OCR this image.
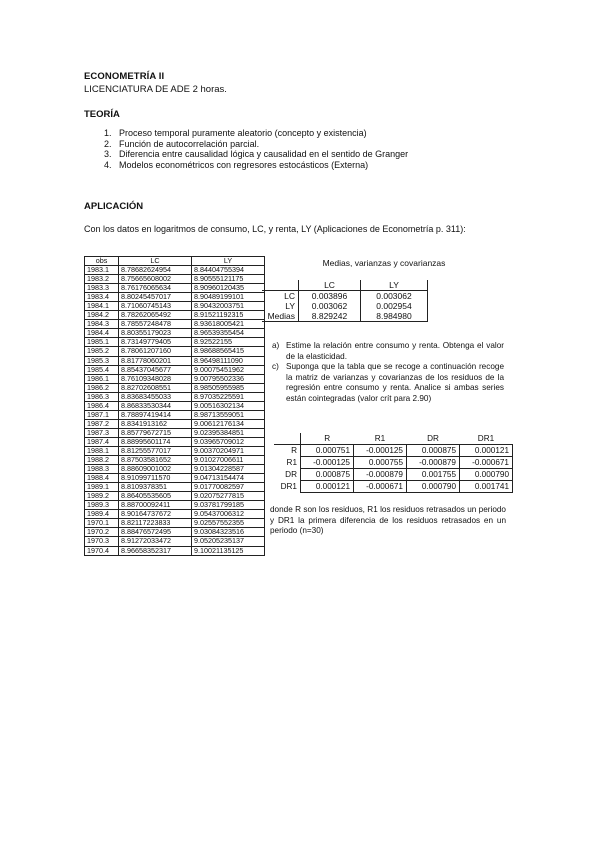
ECONOMETRÍA II
LICENCIATURA DE ADE 2 horas.
TEORÍA
1. Proceso temporal puramente aleatorio (concepto y existencia)
2. Función de autocorrelación parcial.
3. Diferencia entre causalidad lógica y causalidad en el sentido de Granger
4. Modelos econométricos con regresores estocásticos (Externa)
APLICACIÓN
Con los datos en logaritmos de consumo, LC, y renta, LY (Aplicaciones de Econometría p. 311):
obs	LC	LY
1983.1	8.78682624954	8.84404755394
1983.2	8.75665608002	8.90555121175
1983.3	8.76176065634	8.90960120435
1983.4	8.80245457017	8.90489199101
1984.1	8.71060745143	8.90432003751
1984.2	8.78262065492	8.91521192315
1984.3	8.78557248478	8.93618005421
1984.4	8.80355179023	8.96539355454
1985.1	8.73149779405	8.92522155
1985.2	8.78061207160	8.98688565415
1985.3	8.81778060201	8.96498111090
1985.4	8.85437045677	9.00075451962
1986.1	8.76109348028	9.00795502336
1986.2	8.82702608551	8.98505955985
1986.3	8.83683455033	8.97035225591
1986.4	8.86833530344	9.00516302134
1987.1	8.78897419414	8.98713559051
1987.2	8.8341913162	9.00612176134
1987.3	8.85779672715	9.02395384851
1987.4	8.88995601174	9.03965709012
1988.1	8.81255577017	9.00370204971
1988.2	8.87503581652	9.01027006611
1988.3	8.88609001002	9.01304228587
1988.4	8.91099711570	9.04713154474
1989.1	8.8109378351	9.01770082597
1989.2	8.86405535605	9.02075277815
1989.3	8.88700092411	9.03781799185
1989.4	8.90164737672	9.05437006312
1970.1	8.82117223833	9.02557552355
1970.2	8.88476572495	9.03084323516
1970.3	8.91272033472	9.05205235137
1970.4	8.96658352317	9.10021135125
Medias, varianzas y covarianzas
	LC	LY
LC	0.003896	0.003062
LY	0.003062	0.002954
Medias	8.829242	8.984980
a) Estime la relación entre consumo y renta. Obtenga el valor de la elasticidad.
c) Suponga que la tabla que se recoge a continuación recoge la matriz de varianzas y covarianzas de los residuos de la regresión entre consumo y renta. Analice si ambas series están cointegradas (valor crít para 2.90)
	R	R1	DR	DR1
R	0.000751	-0.000125	0.000875	0.000121
R1	-0.000125	0.000755	-0.000879	-0.000671
DR	0.000875	-0.000879	0.001755	0.000790
DR1	0.000121	-0.000671	0.000790	0.001741
donde R son los residuos, R1 los residuos retrasados un periodo y DR1 la primera diferencia de los residuos retrasados en un periodo (n=30)
